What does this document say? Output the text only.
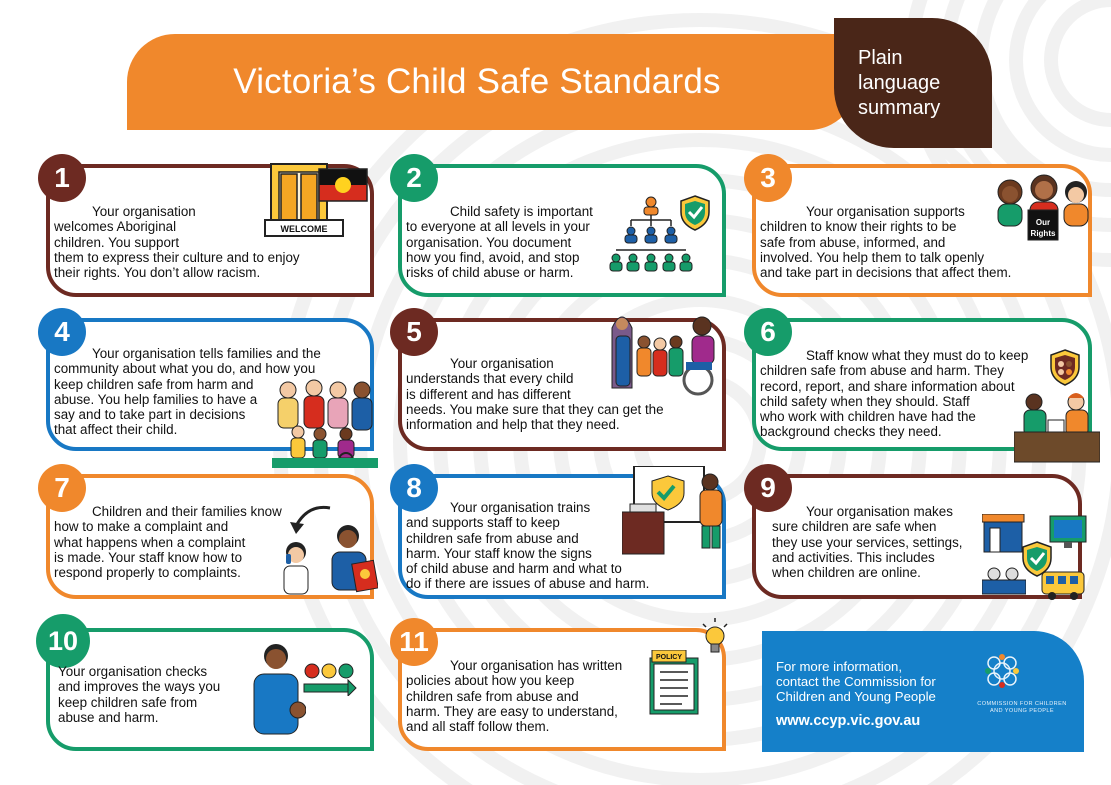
Victoria’s Child Safe Standards
Plain
language
summary
1
Your organisation
welcomes Aboriginal
children. You support
them to express their culture and to enjoy
their rights. You don’t allow racism.
WELCOME
2
Child safety is important
to everyone at all levels in your
organisation. You document
how you find, avoid, and stop
risks of child abuse or harm.
3
Your organisation supports
children to know their rights to be
safe from abuse, informed, and
involved. You help them to talk openly
and take part in decisions that affect them.
Our
Rights
4
Your organisation tells families and the
community about what you do, and how you
keep children safe from harm and
abuse. You help families to have a
say and to take part in decisions
that affect their child.
5
Your organisation
understands that every child
is different and has different
needs. You make sure that they can get the
information and help that they need.
6
Staff know what they must do to keep
children safe from abuse and harm. They
record, report, and share information about
child safety when they should. Staff
who work with children have had the
background checks they need.
7
Children and their families know
how to make a complaint and
what happens when a complaint
is made. Your staff know how to
respond properly to complaints.
8
Your organisation trains
and supports staff to keep
children safe from abuse and
harm. Your staff know the signs
of child abuse and harm and what to
do if there are issues of abuse and harm.
9
Your organisation makes
sure children are safe when
they use your services, settings,
and activities. This includes
when children are online.
10
Your organisation checks
and improves the ways you
keep children safe from
abuse and harm.
11
Your organisation has written
policies about how you keep
children safe from abuse and
harm. They are easy to understand,
and all staff follow them.
POLICY
For more information,
contact the Commission for
Children and Young People
www.ccyp.vic.gov.au
COMMISSION FOR CHILDREN
AND YOUNG PEOPLE
